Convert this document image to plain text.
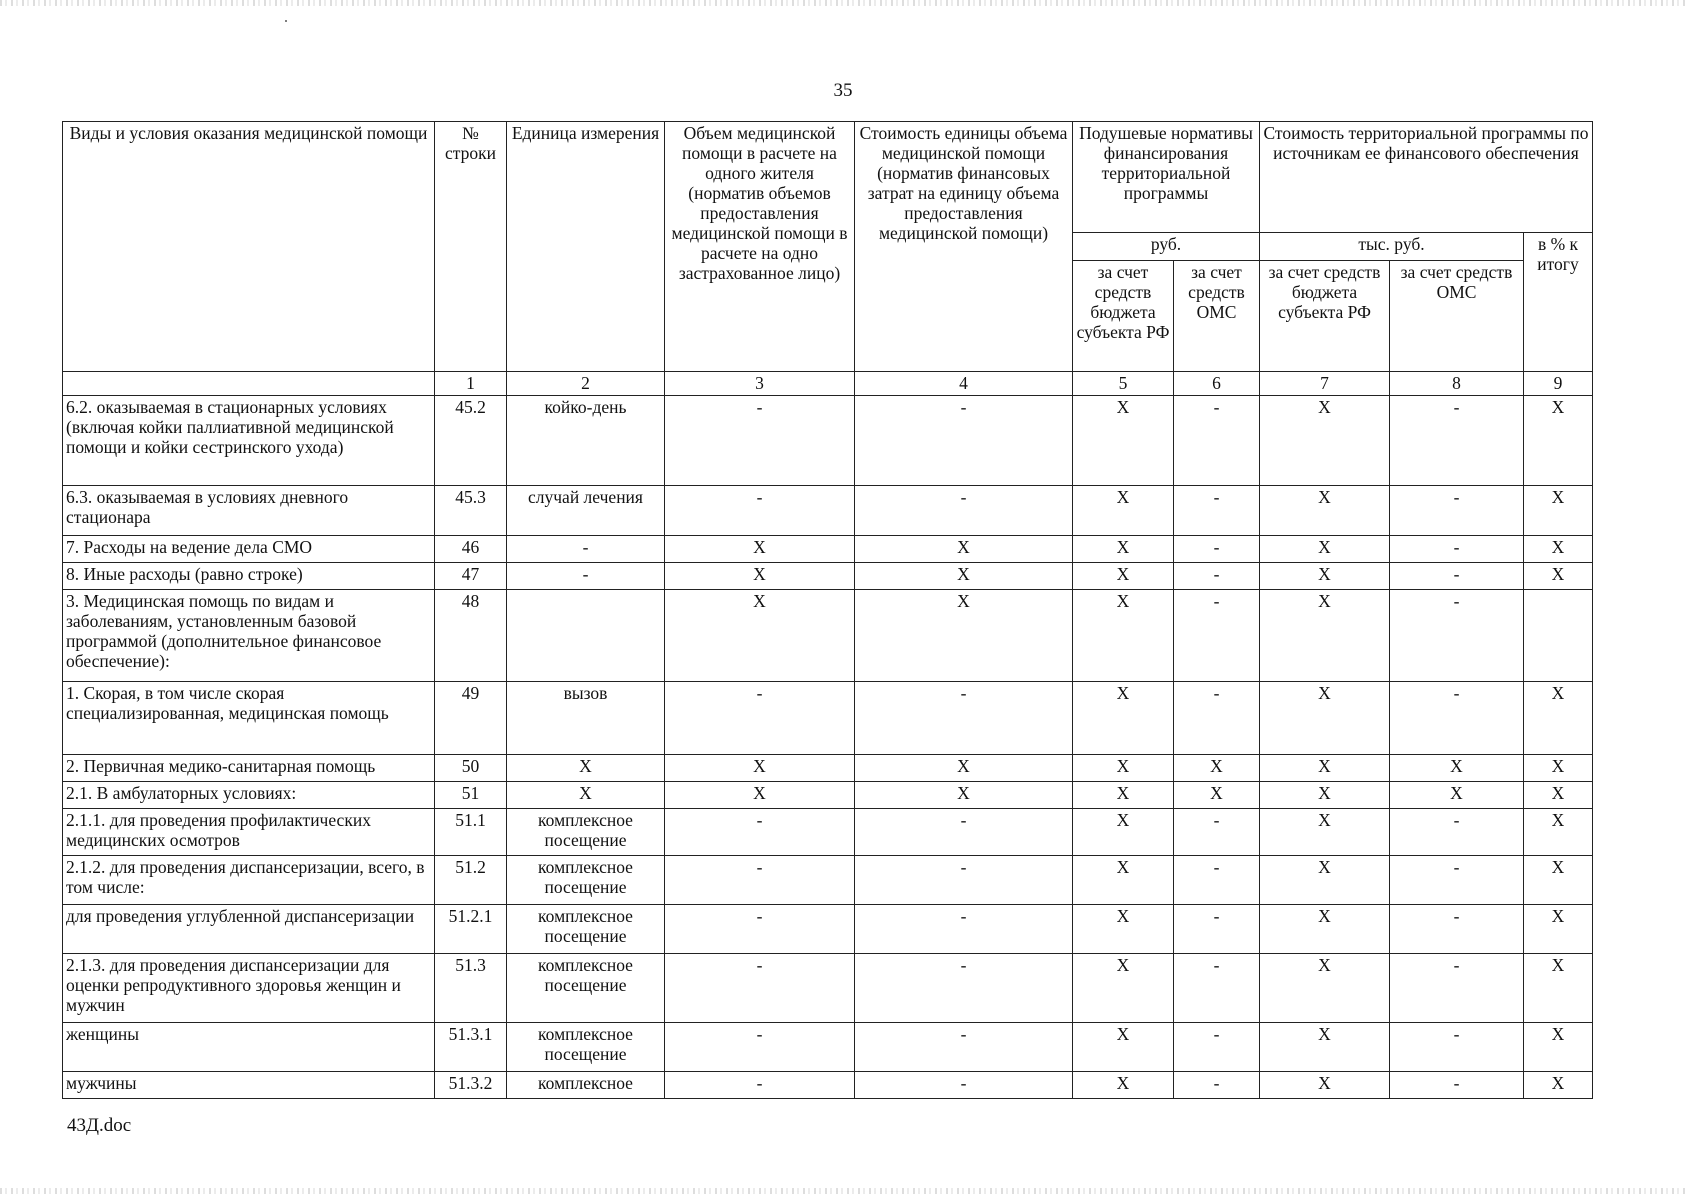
35
Виды и условия оказания медицинской помощи	№ строки	Единица измерения	Объем медицинской помощи в расчете на одного жителя (норматив объемов предоставления медицинской помощи в расчете на одно застрахованное лицо)	Стоимость единицы объема медицинской помощи (норматив финансовых затрат на единицу объема предоставления медицинской помощи)	Подушевые нормативы финансирования территориальной программы		Стоимость территориальной программы по источникам ее финансового обеспечения		
					руб.		тыс. руб.		в % к итогу
					за счет средств бюджета субъекта РФ	за счет средств ОМС	за счет средств бюджета субъекта РФ	за счет средств ОМС	
	1	2	3	4	5	6	7	8	9
6.2. оказываемая в стационарных условиях (включая койки паллиативной медицинской помощи и койки сестринского ухода)	45.2	койко-день	-	-	X	-	X	-	X
6.3. оказываемая в условиях дневного стационара	45.3	случай лечения	-	-	X	-	X	-	X
7. Расходы на ведение дела СМО	46	-	X	X	X	-	X	-	X
8. Иные расходы (равно строке)	47	-	X	X	X	-	X	-	X
3. Медицинская помощь по видам и заболеваниям, установленным базовой программой (дополнительное финансовое обеспечение):	48		X	X	X	-	X	-	
1. Скорая, в том числе скорая специализированная, медицинская помощь	49	вызов	-	-	X	-	X	-	X
2. Первичная медико-санитарная помощь	50	X	X	X	X	X	X	X	X
2.1. В амбулаторных условиях:	51	X	X	X	X	X	X	X	X
2.1.1. для проведения профилактических медицинских осмотров	51.1	комплексное посещение	-	-	X	-	X	-	X
2.1.2. для проведения диспансеризации, всего, в том числе:	51.2	комплексное посещение	-	-	X	-	X	-	X
для проведения углубленной диспансеризации	51.2.1	комплексное посещение	-	-	X	-	X	-	X
2.1.3. для проведения диспансеризации для оценки репродуктивного здоровья женщин и мужчин	51.3	комплексное посещение	-	-	X	-	X	-	X
женщины	51.3.1	комплексное посещение	-	-	X	-	X	-	X
мужчины	51.3.2	комплексное	-	-	X	-	X	-	X
43Д.doc
